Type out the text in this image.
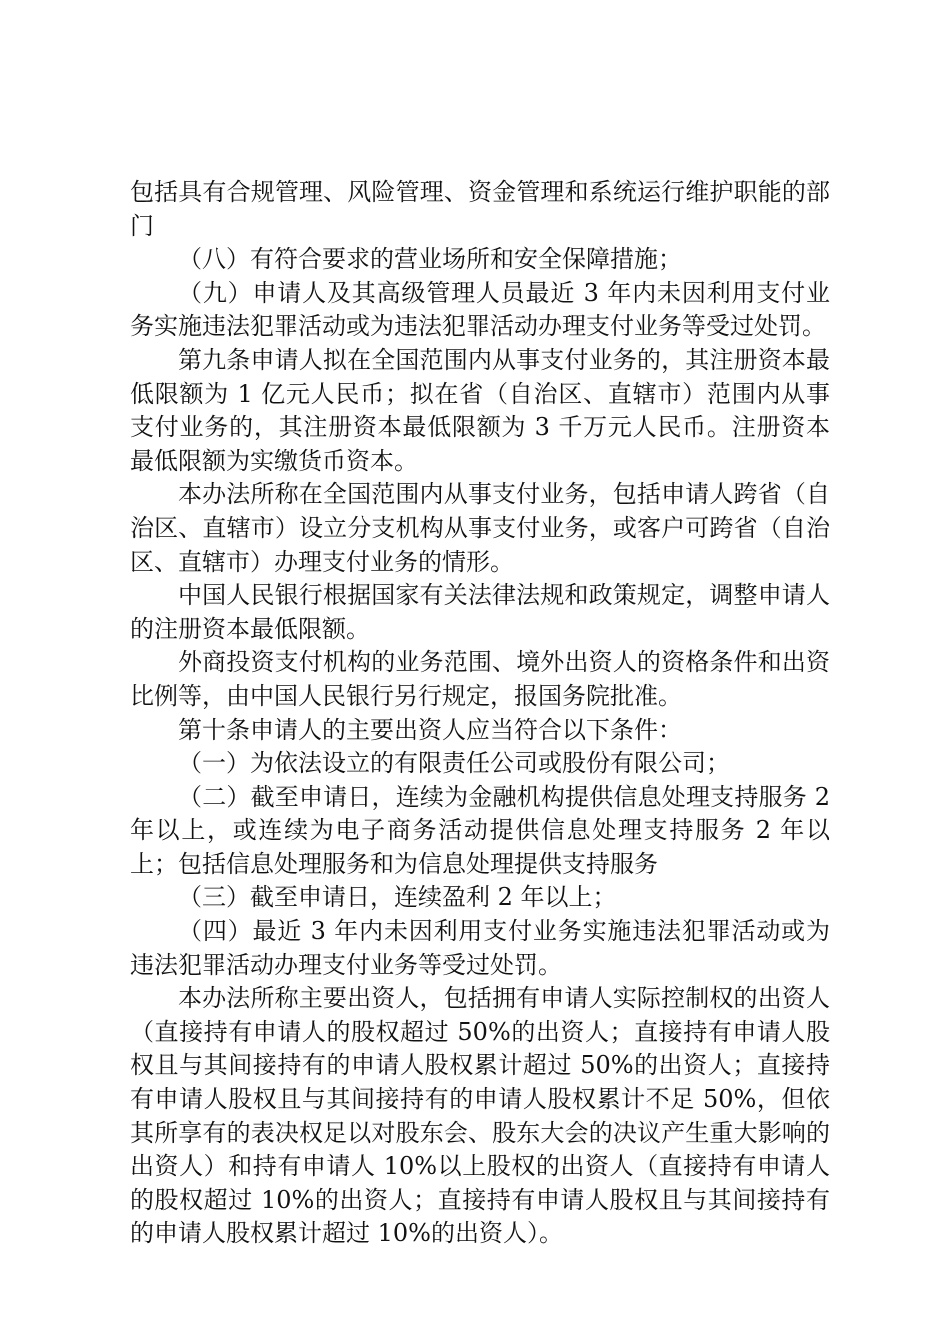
包括具有合规管理、风险管理、资金管理和系统运行维护职能的部门

（八）有符合要求的营业场所和安全保障措施；

（九）申请人及其高级管理人员最近 3 年内未因利用支付业务实施违法犯罪活动或为违法犯罪活动办理支付业务等受过处罚。

第九条申请人拟在全国范围内从事支付业务的，其注册资本最低限额为 1 亿元人民币；拟在省（自治区、直辖市）范围内从事支付业务的，其注册资本最低限额为 3 千万元人民币。注册资本最低限额为实缴货币资本。

本办法所称在全国范围内从事支付业务，包括申请人跨省（自治区、直辖市）设立分支机构从事支付业务，或客户可跨省（自治区、直辖市）办理支付业务的情形。

中国人民银行根据国家有关法律法规和政策规定，调整申请人的注册资本最低限额。

外商投资支付机构的业务范围、境外出资人的资格条件和出资比例等，由中国人民银行另行规定，报国务院批准。

第十条申请人的主要出资人应当符合以下条件：

（一）为依法设立的有限责任公司或股份有限公司；

（二）截至申请日，连续为金融机构提供信息处理支持服务 2 年以上，或连续为电子商务活动提供信息处理支持服务 2 年以上；包括信息处理服务和为信息处理提供支持服务

（三）截至申请日，连续盈利 2 年以上；

（四）最近 3 年内未因利用支付业务实施违法犯罪活动或为违法犯罪活动办理支付业务等受过处罚。

本办法所称主要出资人，包括拥有申请人实际控制权的出资人（直接持有申请人的股权超过 50%的出资人；直接持有申请人股权且与其间接持有的申请人股权累计超过 50%的出资人；直接持有申请人股权且与其间接持有的申请人股权累计不足 50%，但依其所享有的表决权足以对股东会、股东大会的决议产生重大影响的出资人）和持有申请人 10%以上股权的出资人（直接持有申请人的股权超过 10%的出资人；直接持有申请人股权且与其间接持有的申请人股权累计超过 10%的出资人）。
